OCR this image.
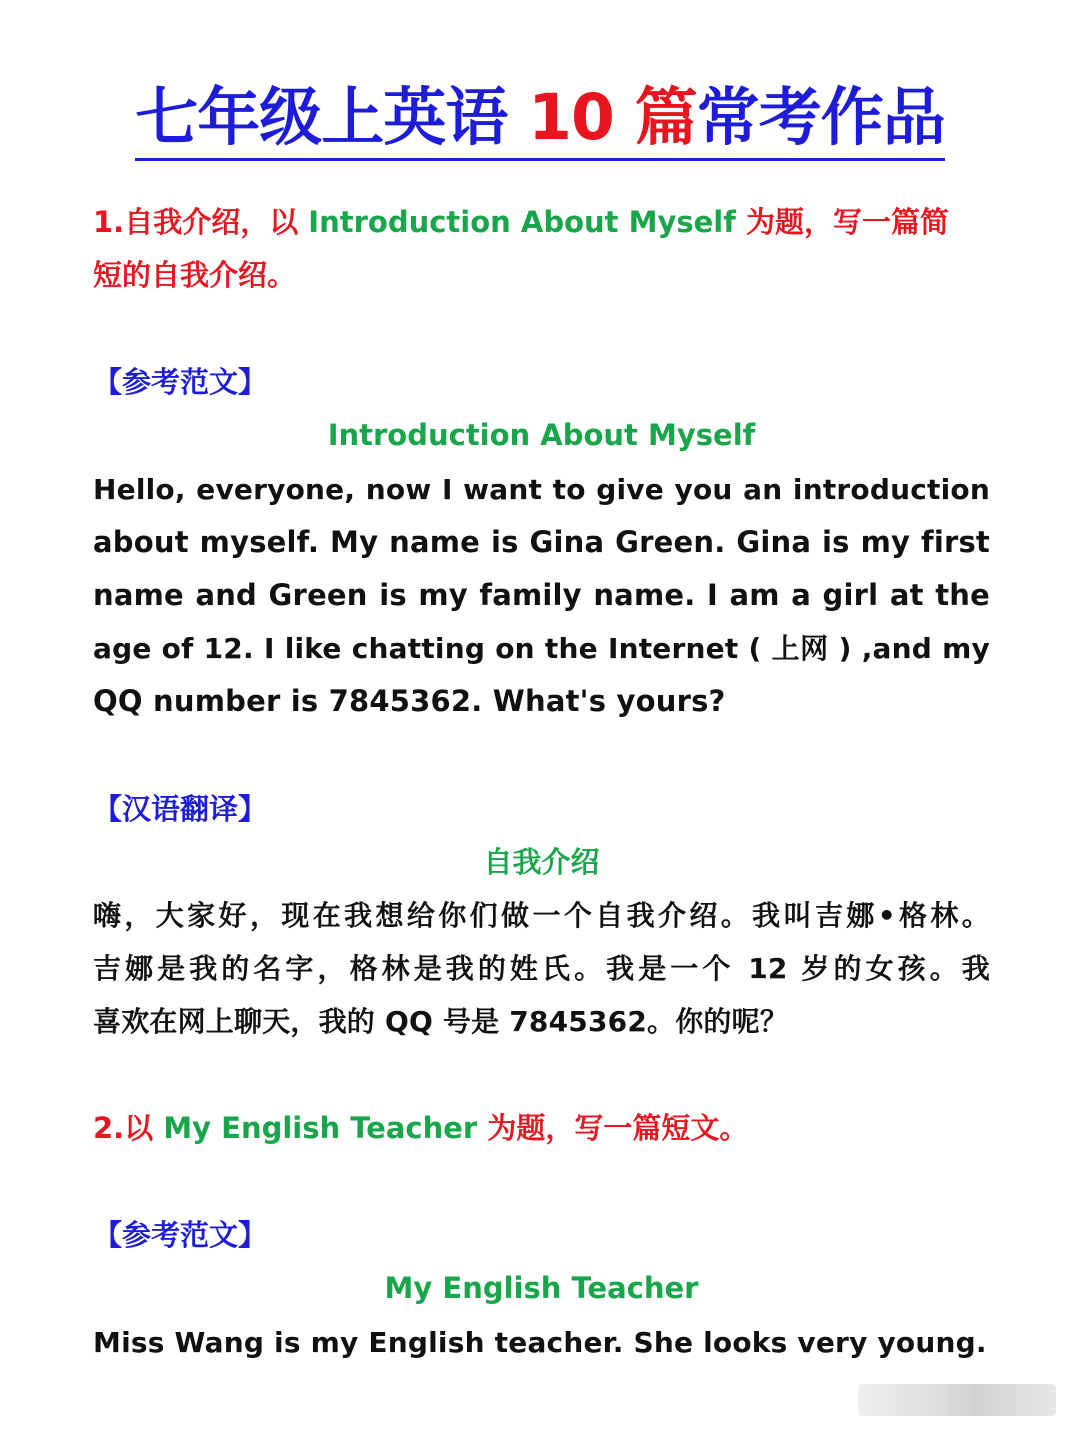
七年级上英语 10 篇常考作品
1.自我介绍，以 Introduction About Myself 为题，写一篇简
短的自我介绍。
【参考范文】
Introduction About Myself
Hello, everyone, now I want to give you an introduction
about myself. My name is Gina Green. Gina is my first
name and Green is my family name. I am a girl at the
age of 12. I like chatting on the Internet ( 上网 ) ,and my
QQ number is 7845362. What's yours?
【汉语翻译】
自我介绍
嗨，大家好，现在我想给你们做一个自我介绍。我叫吉娜•格林。
吉娜是我的名字，格林是我的姓氏。我是一个 12 岁的女孩。我
喜欢在网上聊天，我的 QQ 号是 7845362。你的呢？
2.以 My English Teacher 为题，写一篇短文。
【参考范文】
My English Teacher
Miss Wang is my English teacher. She looks very young.
